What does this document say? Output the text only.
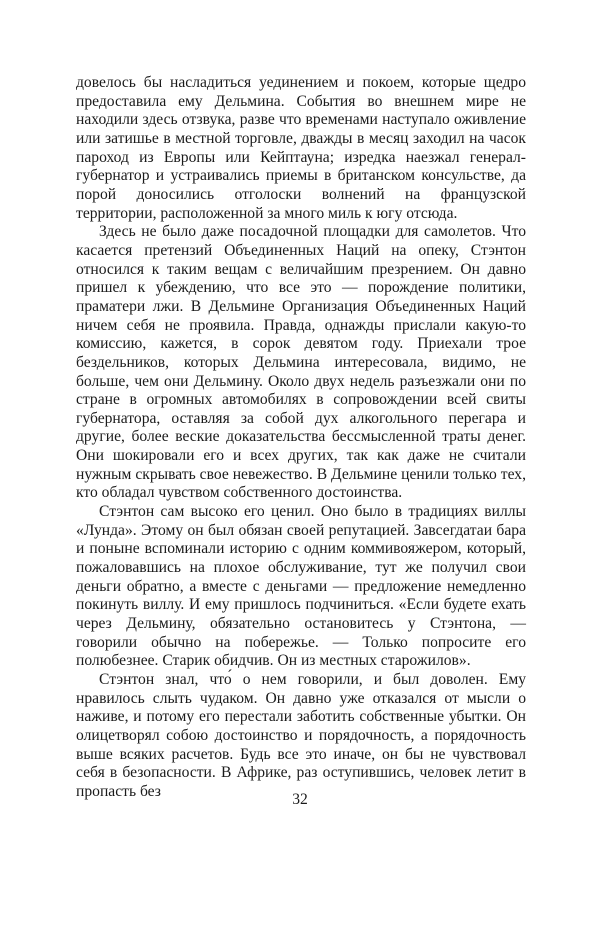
довелось бы насладиться уединением и покоем, которые щедро предоставила ему Дельмина. События во внешнем мире не находили здесь отзвука, разве что временами наступало оживление или затишье в местной торговле, дважды в месяц заходил на часок пароход из Европы или Кейптауна; изредка наезжал генерал-губернатор и устраивались приемы в британском консульстве, да порой доносились отголоски волнений на французской территории, расположенной за много миль к югу отсюда.

Здесь не было даже посадочной площадки для самолетов. Что касается претензий Объединенных Наций на опеку, Стэнтон относился к таким вещам с величайшим презрением. Он давно пришел к убеждению, что все это — порождение политики, праматери лжи. В Дельмине Организация Объединенных Наций ничем себя не проявила. Правда, однажды прислали какую-то комиссию, кажется, в сорок девятом году. Приехали трое бездельников, которых Дельмина интересовала, видимо, не больше, чем они Дельмину. Около двух недель разъезжали они по стране в огромных автомобилях в сопровождении всей свиты губернатора, оставляя за собой дух алкогольного перегара и другие, более веские доказательства бессмысленной траты денег. Они шокировали его и всех других, так как даже не считали нужным скрывать свое невежество. В Дельмине ценили только тех, кто обладал чувством собственного достоинства.

Стэнтон сам высоко его ценил. Оно было в традициях виллы «Лунда». Этому он был обязан своей репутацией. Завсегдатаи бара и поныне вспоминали историю с одним коммивояжером, который, пожаловавшись на плохое обслуживание, тут же получил свои деньги обратно, а вместе с деньгами — предложение немедленно покинуть виллу. И ему пришлось подчиниться. «Если будете ехать через Дельмину, обязательно остановитесь у Стэнтона, — говорили обычно на побережье. — Только попросите его полюбезнее. Старик обидчив. Он из местных старожилов».

Стэнтон знал, что́ о нем говорили, и был доволен. Ему нравилось слыть чудаком. Он давно уже отказался от мысли о наживе, и потому его перестали заботить собственные убытки. Он олицетворял собою достоинство и порядочность, а порядочность выше всяких расчетов. Будь все это иначе, он бы не чувствовал себя в безопасности. В Африке, раз оступившись, человек летит в пропасть без	32
